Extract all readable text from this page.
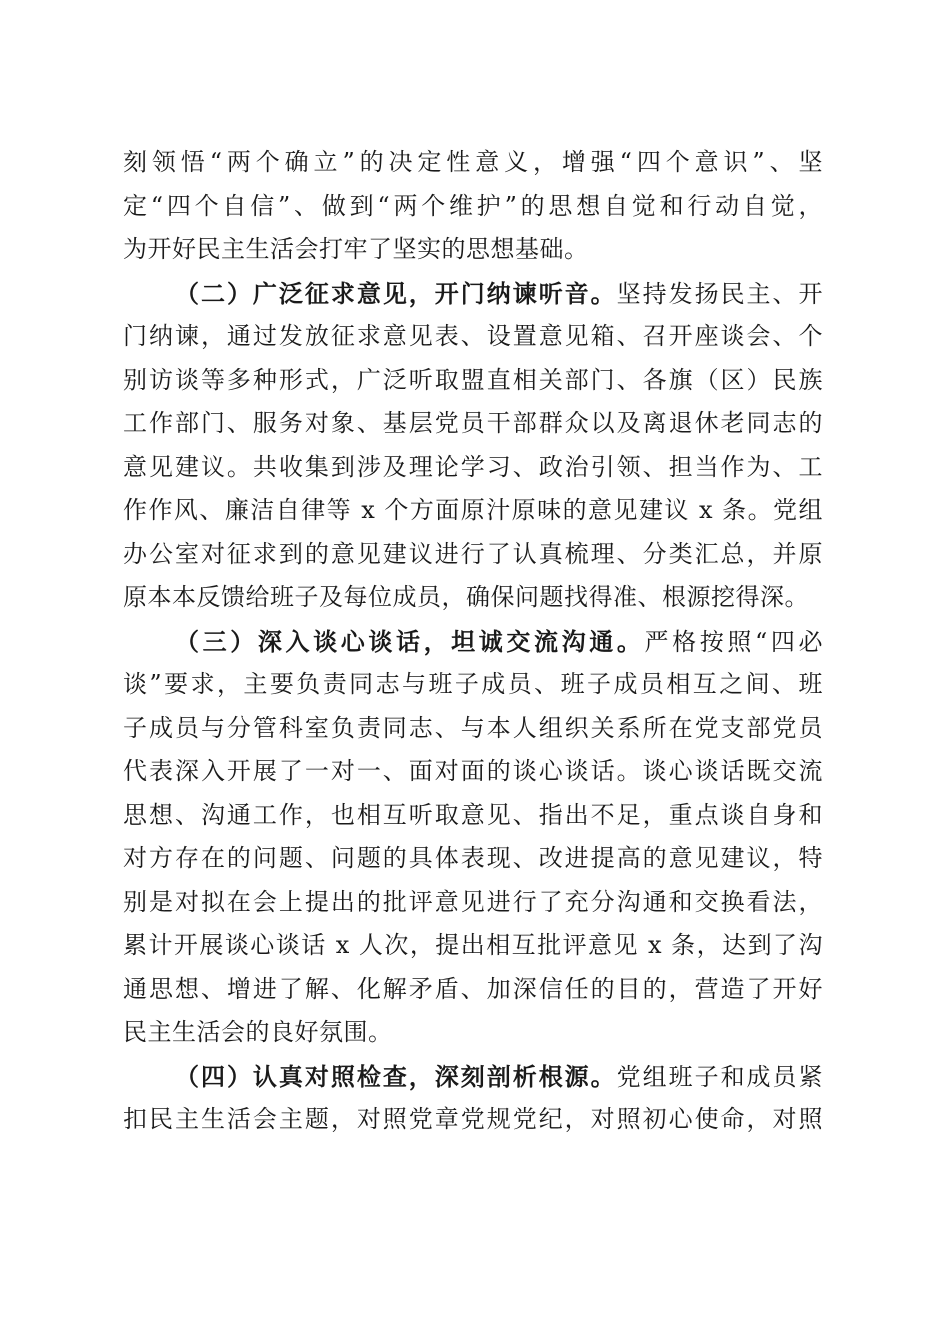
刻领悟“两个确立”的决定性意义，增强“四个意识”、坚
定“四个自信”、做到“两个维护”的思想自觉和行动自觉，
为开好民主生活会打牢了坚实的思想基础。
（二）广泛征求意见，开门纳谏听音。坚持发扬民主、开
门纳谏，通过发放征求意见表、设置意见箱、召开座谈会、个
别访谈等多种形式，广泛听取盟直相关部门、各旗（区）民族
工作部门、服务对象、基层党员干部群众以及离退休老同志的
意见建议。共收集到涉及理论学习、政治引领、担当作为、工
作作风、廉洁自律等 x 个方面原汁原味的意见建议 x 条。党组
办公室对征求到的意见建议进行了认真梳理、分类汇总，并原
原本本反馈给班子及每位成员，确保问题找得准、根源挖得深。
（三）深入谈心谈话，坦诚交流沟通。严格按照“四必
谈”要求，主要负责同志与班子成员、班子成员相互之间、班
子成员与分管科室负责同志、与本人组织关系所在党支部党员
代表深入开展了一对一、面对面的谈心谈话。谈心谈话既交流
思想、沟通工作，也相互听取意见、指出不足，重点谈自身和
对方存在的问题、问题的具体表现、改进提高的意见建议，特
别是对拟在会上提出的批评意见进行了充分沟通和交换看法，
累计开展谈心谈话 x 人次，提出相互批评意见 x 条，达到了沟
通思想、增进了解、化解矛盾、加深信任的目的，营造了开好
民主生活会的良好氛围。
（四）认真对照检查，深刻剖析根源。党组班子和成员紧
扣民主生活会主题，对照党章党规党纪，对照初心使命，对照
